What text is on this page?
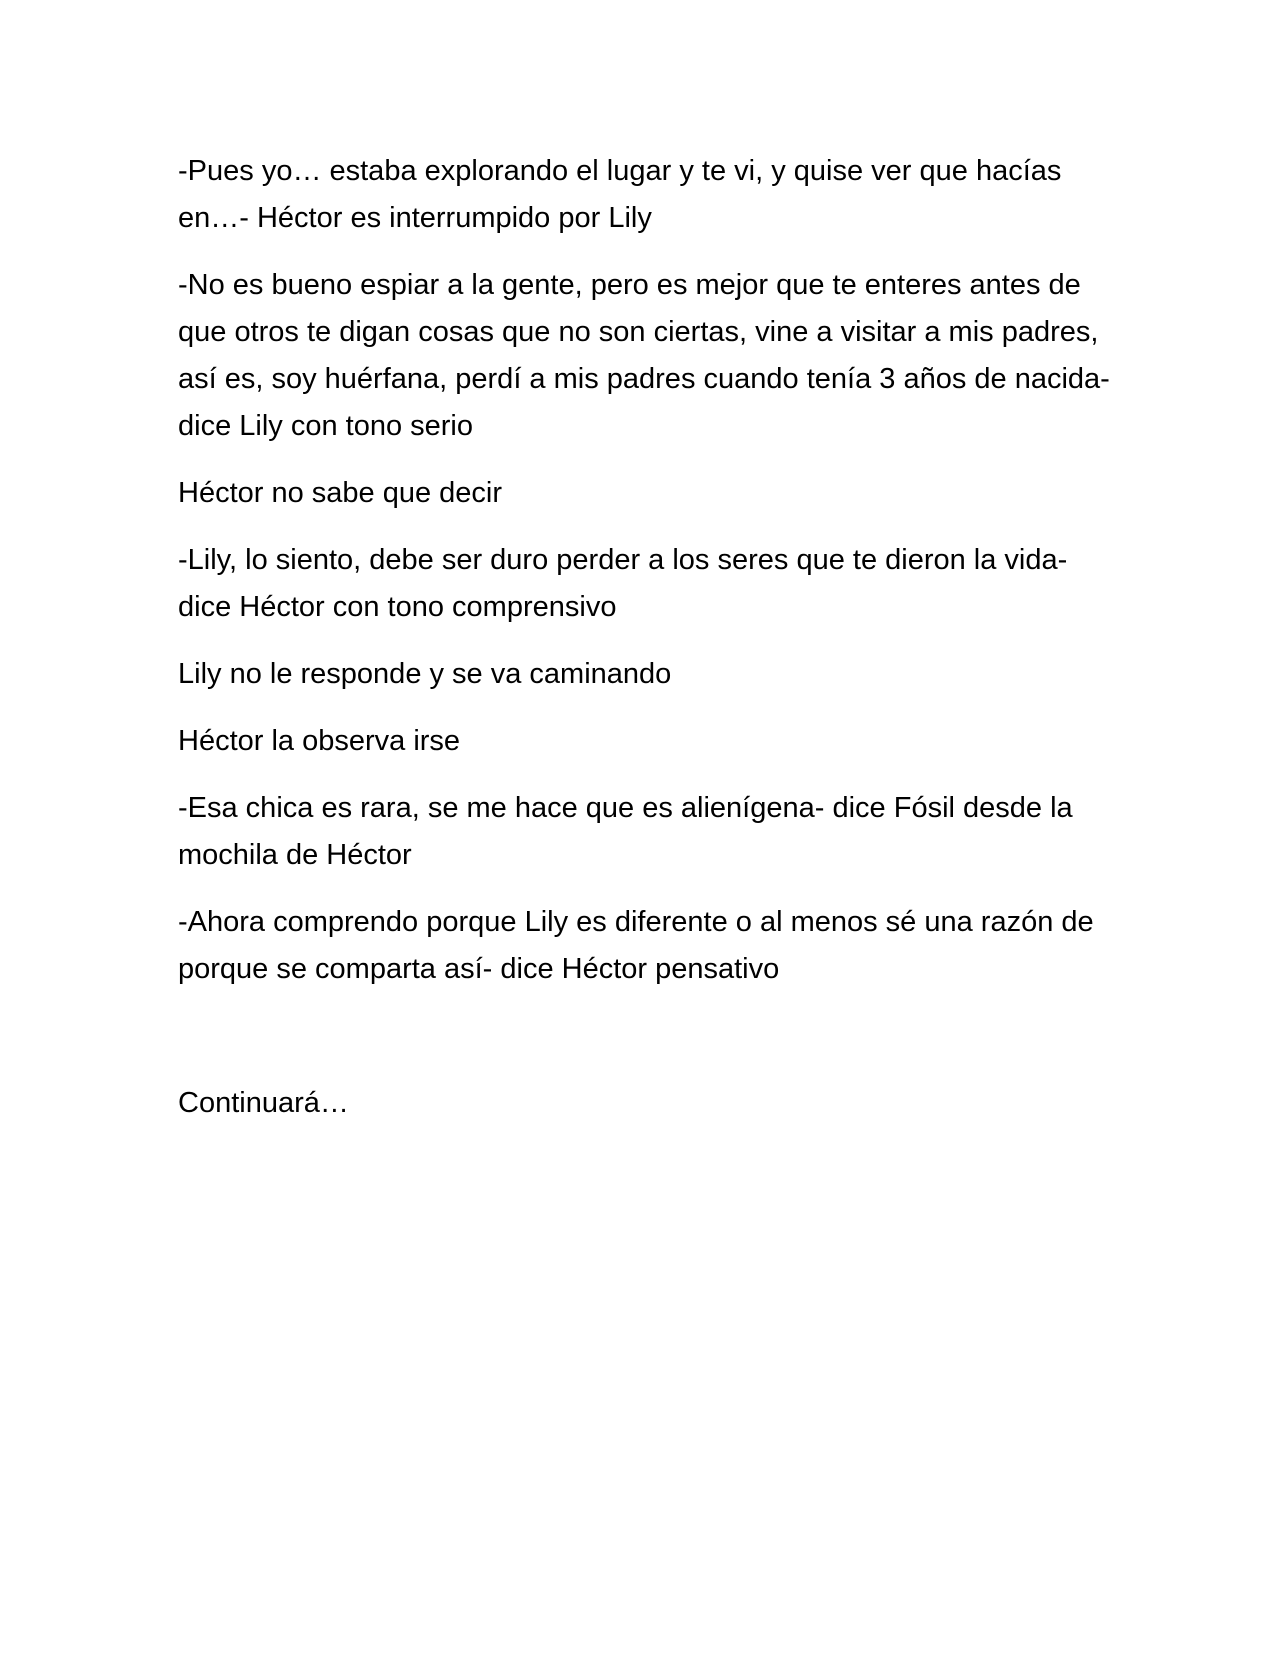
-Pues yo… estaba explorando el lugar y te vi, y quise ver que hacías en…- Héctor es interrumpido por Lily

-No es bueno espiar a la gente, pero es mejor que te enteres antes de que otros te digan cosas que no son ciertas, vine a visitar a mis padres, así es, soy huérfana, perdí a mis padres cuando tenía 3 años de nacida- dice Lily con tono serio

Héctor no sabe que decir

-Lily, lo siento, debe ser duro perder a los seres que te dieron la vida- dice Héctor con tono comprensivo

Lily no le responde y se va caminando

Héctor la observa irse

-Esa chica es rara, se me hace que es alienígena- dice Fósil desde la mochila de Héctor

-Ahora comprendo porque Lily es diferente o al menos sé una razón de porque se comparta así- dice Héctor pensativo

Continuará…
